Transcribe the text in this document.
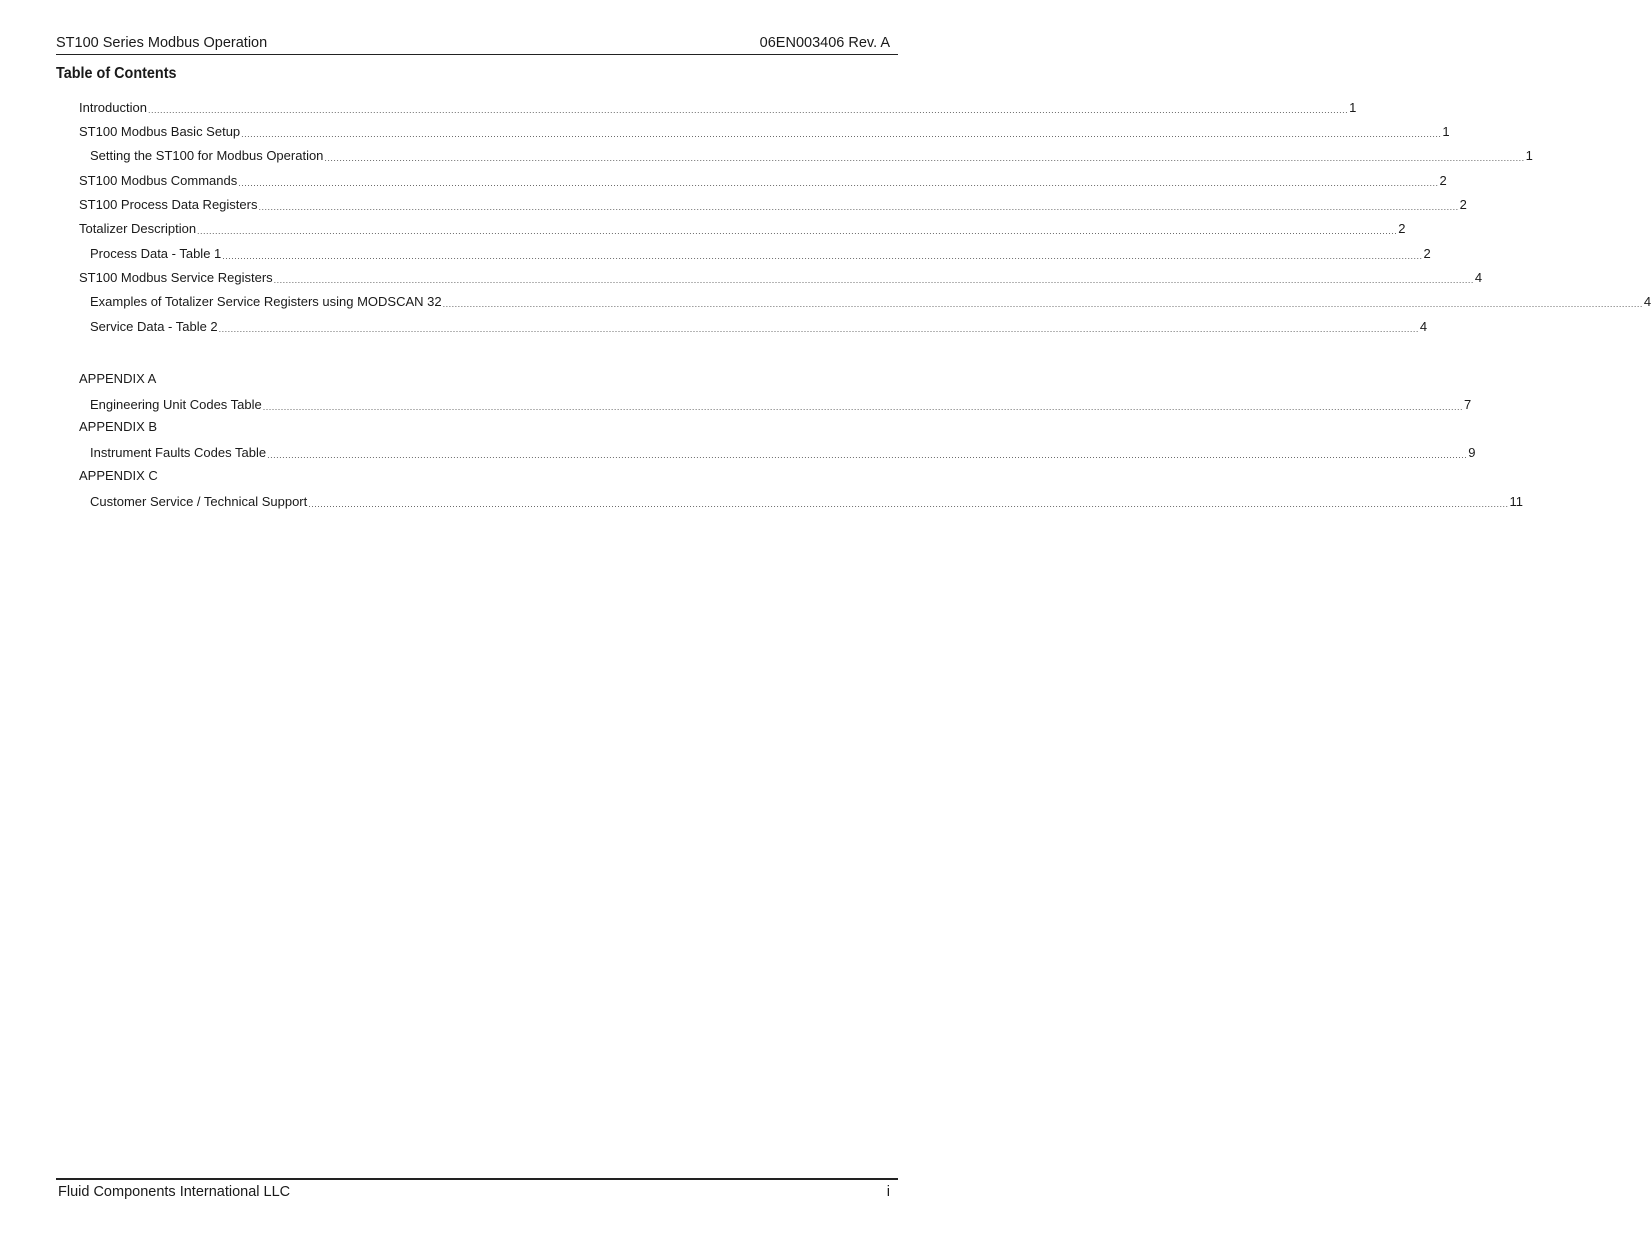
ST100 Series Modbus Operation	06EN003406 Rev. A
Table of Contents
Introduction ................................................................................................................................................................................................................................................................................................................................................................................................................ 1
ST100 Modbus Basic Setup ................................................................................................................................................................................................................................................................................................................................................................................................................ 1
Setting the ST100 for Modbus Operation ................................................................................................................................................................................................................................................................................................................................................................................................................ 1
ST100 Modbus Commands ................................................................................................................................................................................................................................................................................................................................................................................................................ 2
ST100 Process Data Registers ................................................................................................................................................................................................................................................................................................................................................................................................................ 2
Totalizer Description ................................................................................................................................................................................................................................................................................................................................................................................................................ 2
Process Data - Table 1 ................................................................................................................................................................................................................................................................................................................................................................................................................ 2
ST100 Modbus Service Registers ................................................................................................................................................................................................................................................................................................................................................................................................................ 4
Examples of Totalizer Service Registers using MODSCAN 32 ................................................................................................................................................................................................................................................................................................................................................................................................................ 4
Service Data - Table 2 ................................................................................................................................................................................................................................................................................................................................................................................................................ 4
APPENDIX A
Engineering Unit Codes Table ................................................................................................................................................................................................................................................................................................................................................................................................................ 7
APPENDIX B
Instrument Faults Codes Table ................................................................................................................................................................................................................................................................................................................................................................................................................ 9
APPENDIX C
Customer Service / Technical Support ................................................................................................................................................................................................................................................................................................................................................................................................................ 11
Fluid Components International LLC	i
